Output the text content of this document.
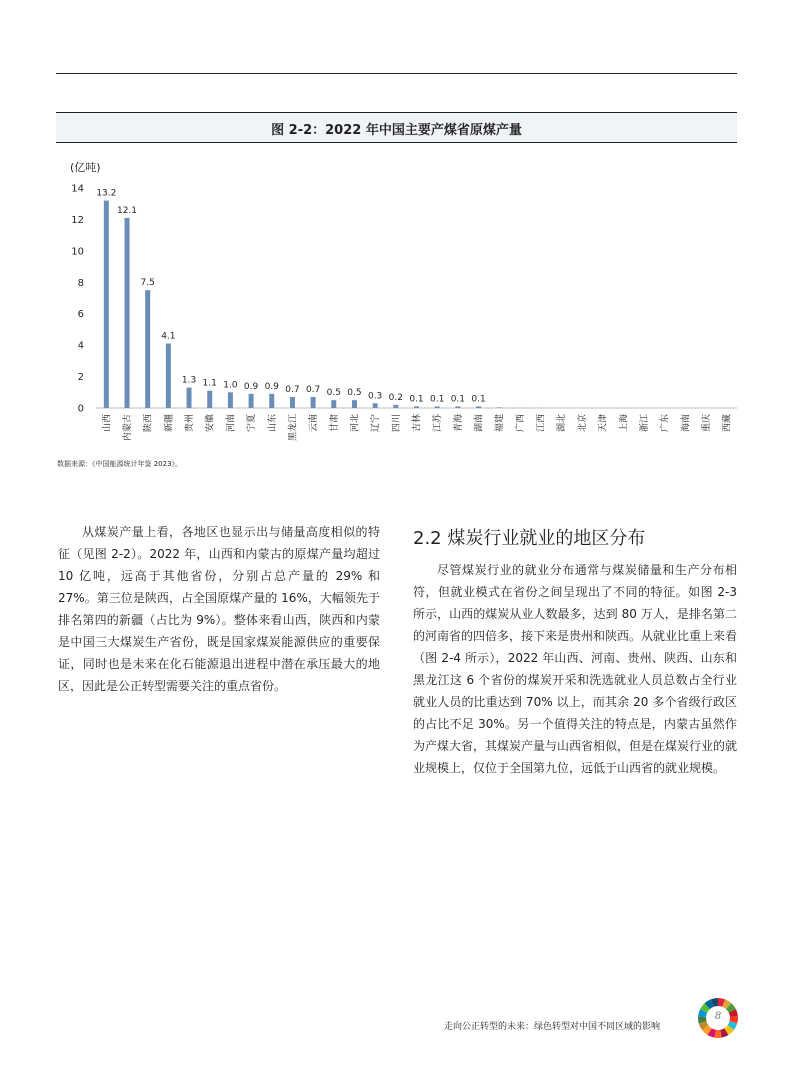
图 2-2：2022 年中国主要产煤省原煤产量
(亿吨)
0
2
4
6
8
10
12
14 13.2
山西
12.1
内蒙古
7.5
陕西
4.1
新疆
1.3
贵州
1.1
安徽
1.0
河南
0.9
宁夏
0.9
山东
0.7
黑龙江
0.7
云南
0.5
甘肃
0.5
河北
0.3
辽宁
0.2
四川
0.1
吉林
0.1
江苏
0.1
青海
0.1
湖南 福建 广西 江西 湖北 北京 天津 上海 浙江 广东 海南 重庆 西藏
数据来源：《中国能源统计年鉴 2023》。

从煤炭产量上看，各地区也显示出与储量高度相似的特征（见图 2-2）。2022 年，山西和内蒙古的原煤产量均超过 10 亿吨，远高于其他省份，分别占总产量的 29% 和 27%。第三位是陕西，占全国原煤产量的 16%，大幅领先于排名第四的新疆（占比为 9%）。整体来看山西，陕西和内蒙是中国三大煤炭生产省份，既是国家煤炭能源供应的重要保证，同时也是未来在化石能源退出进程中潜在承压最大的地区，因此是公正转型需要关注的重点省份。

2.2 煤炭行业就业的地区分布

尽管煤炭行业的就业分布通常与煤炭储量和生产分布相符，但就业模式在省份之间呈现出了不同的特征。如图 2-3 所示，山西的煤炭从业人数最多，达到 80 万人，是排名第二的河南省的四倍多，接下来是贵州和陕西。从就业比重上来看（图 2-4 所示），2022 年山西、河南、贵州、陕西、山东和黑龙江这 6 个省份的煤炭开采和洗选就业人员总数占全行业就业人员的比重达到 70% 以上，而其余 20 多个省级行政区的占比不足 30%。另一个值得关注的特点是，内蒙古虽然作为产煤大省，其煤炭产量与山西省相似，但是在煤炭行业的就业规模上，仅位于全国第九位，远低于山西省的就业规模。

走向公正转型的未来：绿色转型对中国不同区域的影响
8
